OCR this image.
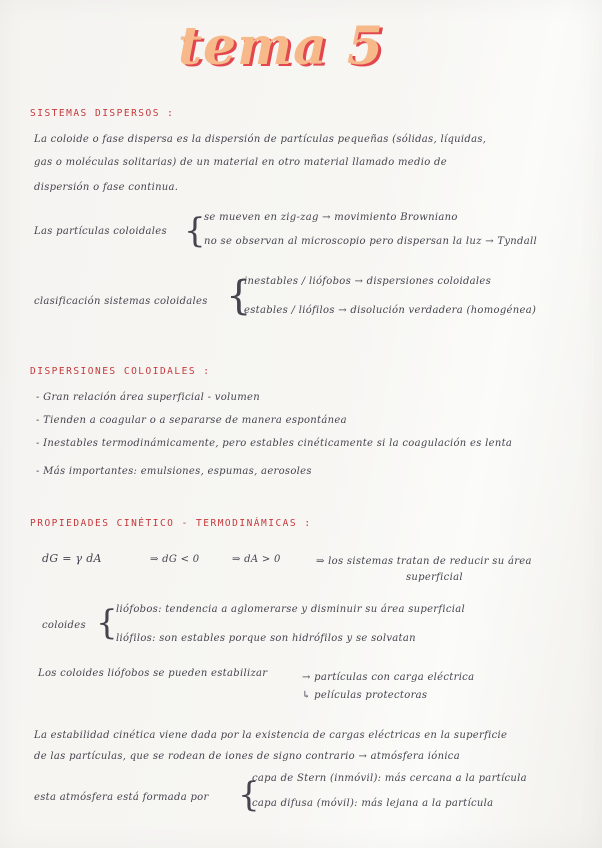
tema 5
SISTEMAS DISPERSOS :
La coloide o fase dispersa es la dispersión de partículas pequeñas (sólidas, líquidas,
gas o moléculas solitarias) de un material en otro material llamado medio de
dispersión o fase continua.
Las partículas coloidales {
se mueven en zig-zag → movimiento Browniano
no se observan al microscopio pero dispersan la luz → Tyndall
clasificación sistemas coloidales {
inestables / liófobos → dispersiones coloidales
estables / liófilos → disolución verdadera (homogénea)
DISPERSIONES COLOIDALES :
- Gran relación área superficial - volumen
- Tienden a coagular o a separarse de manera espontánea
- Inestables termodinámicamente, pero estables cinéticamente si la coagulación es lenta
- Más importantes: emulsiones, espumas, aerosoles
PROPIEDADES CINÉTICO - TERMODINÁMICAS :
dG = γ dA	⇒ dG < 0	⇒ dA > 0	⇒ los sistemas tratan de reducir su área
superficial
coloides {
liófobos: tendencia a aglomerarse y disminuir su área superficial
liófilos: son estables porque son hidrófilos y se solvatan
Los coloides liófobos se pueden estabilizar	→ partículas con carga eléctrica
↳ películas protectoras
La estabilidad cinética viene dada por la existencia de cargas eléctricas en la superficie
de las partículas, que se rodean de iones de signo contrario → atmósfera iónica
esta atmósfera está formada por {
capa de Stern (inmóvil): más cercana a la partícula
capa difusa (móvil): más lejana a la partícula
